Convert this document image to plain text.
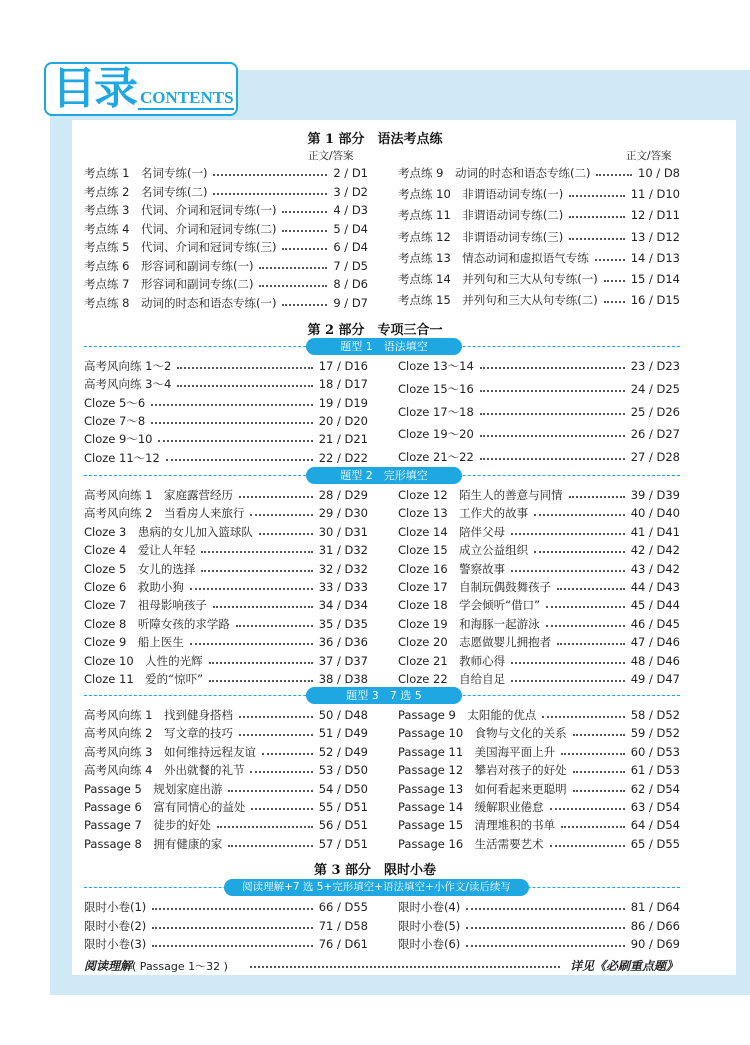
目录 CONTENTS
第 1 部分　语法考点练
正文/答案	正文/答案
考点练 1　名词专练(一)	2 / D1
考点练 2　名词专练(二)	3 / D2
考点练 3　代词、介词和冠词专练(一)	4 / D3
考点练 4　代词、介词和冠词专练(二)	5 / D4
考点练 5　代词、介词和冠词专练(三)	6 / D4
考点练 6　形容词和副词专练(一)	7 / D5
考点练 7　形容词和副词专练(二)	8 / D6
考点练 8　动词的时态和语态专练(一)	9 / D7
考点练 9　动词的时态和语态专练(二)	10 / D8
考点练 10　非谓语动词专练(一)	11 / D10
考点练 11　非谓语动词专练(二)	12 / D11
考点练 12　非谓语动词专练(三)	13 / D12
考点练 13　情态动词和虚拟语气专练	14 / D13
考点练 14　并列句和三大从句专练(一)	15 / D14
考点练 15　并列句和三大从句专练(二)	16 / D15
第 2 部分　专项三合一
题型 1　语法填空
高考风向练 1～2	17 / D16
高考风向练 3～4	18 / D17
Cloze 5～6	19 / D19
Cloze 7～8	20 / D20
Cloze 9～10	21 / D21
Cloze 11～12	22 / D22
Cloze 13～14	23 / D23
Cloze 15～16	24 / D25
Cloze 17～18	25 / D26
Cloze 19～20	26 / D27
Cloze 21～22	27 / D28
题型 2　完形填空
高考风向练 1　家庭露营经历	28 / D29
高考风向练 2　当看房人来旅行	29 / D30
Cloze 3　患病的女儿加入篮球队	30 / D31
Cloze 4　爱让人年轻	31 / D32
Cloze 5　女儿的选择	32 / D32
Cloze 6　救助小狗	33 / D33
Cloze 7　祖母影响孩子	34 / D34
Cloze 8　听障女孩的求学路	35 / D35
Cloze 9　船上医生	36 / D36
Cloze 10　人性的光辉	37 / D37
Cloze 11　爱的“惊吓”	38 / D38
Cloze 12　陌生人的善意与同情	39 / D39
Cloze 13　工作犬的故事	40 / D40
Cloze 14　陪伴父母	41 / D41
Cloze 15　成立公益组织	42 / D42
Cloze 16　警察故事	43 / D42
Cloze 17　自制玩偶鼓舞孩子	44 / D43
Cloze 18　学会倾听“借口”	45 / D44
Cloze 19　和海豚一起游泳	46 / D45
Cloze 20　志愿做婴儿拥抱者	47 / D46
Cloze 21　教师心得	48 / D46
Cloze 22　自给自足	49 / D47
题型 3　7 选 5
高考风向练 1　找到健身搭档	50 / D48
高考风向练 2　写文章的技巧	51 / D49
高考风向练 3　如何维持远程友谊	52 / D49
高考风向练 4　外出就餐的礼节	53 / D50
Passage 5　规划家庭出游	54 / D50
Passage 6　富有同情心的益处	55 / D51
Passage 7　徒步的好处	56 / D51
Passage 8　拥有健康的家	57 / D51
Passage 9　太阳能的优点	58 / D52
Passage 10　食物与文化的关系	59 / D52
Passage 11　美国海平面上升	60 / D53
Passage 12　攀岩对孩子的好处	61 / D53
Passage 13　如何看起来更聪明	62 / D54
Passage 14　缓解职业倦怠	63 / D54
Passage 15　清理堆积的书单	64 / D54
Passage 16　生活需要艺术	65 / D55
第 3 部分　限时小卷
阅读理解+7 选 5+完形填空+语法填空+小作文/读后续写
限时小卷(1)	66 / D55
限时小卷(2)	71 / D58
限时小卷(3)	76 / D61
限时小卷(4)	81 / D64
限时小卷(5)	86 / D66
限时小卷(6)	90 / D69
阅读理解( Passage 1～32 )	详见《必刷重点题》
